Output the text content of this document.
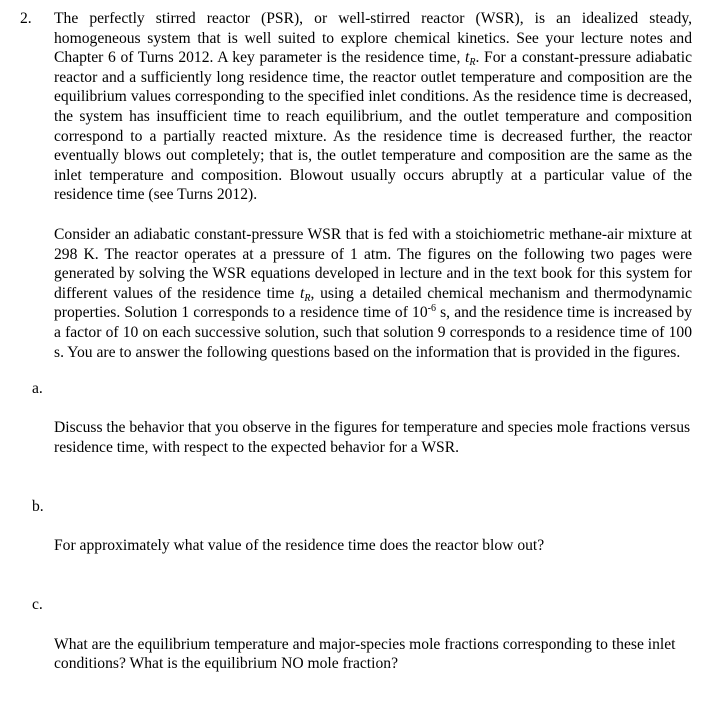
2.	The perfectly stirred reactor (PSR), or well-stirred reactor (WSR), is an idealized steady, homogeneous system that is well suited to explore chemical kinetics. See your lecture notes and Chapter 6 of Turns 2012. A key parameter is the residence time, $t_R$. For a constant-pressure adiabatic reactor and a sufficiently long residence time, the reactor outlet temperature and composition are the equilibrium values corresponding to the specified inlet conditions. As the residence time is decreased, the system has insufficient time to reach equilibrium, and the outlet temperature and composition correspond to a partially reacted mixture. As the residence time is decreased further, the reactor eventually blows out completely; that is, the outlet temperature and composition are the same as the inlet temperature and composition. Blowout usually occurs abruptly at a particular value of the residence time (see Turns 2012).

Consider an adiabatic constant-pressure WSR that is fed with a stoichiometric methane-air mixture at 298 K. The reactor operates at a pressure of 1 atm. The figures on the following two pages were generated by solving the WSR equations developed in lecture and in the text book for this system for different values of the residence time $t_R$, using a detailed chemical mechanism and thermodynamic properties. Solution 1 corresponds to a residence time of $10^{-6}$ s, and the residence time is increased by a factor of 10 on each successive solution, such that solution 9 corresponds to a residence time of 100 s. You are to answer the following questions based on the information that is provided in the figures.

a.

Discuss the behavior that you observe in the figures for temperature and species mole fractions versus residence time, with respect to the expected behavior for a WSR.

b.

For approximately what value of the residence time does the reactor blow out?

c.

What are the equilibrium temperature and major-species mole fractions corresponding to these inlet conditions? What is the equilibrium NO mole fraction?
